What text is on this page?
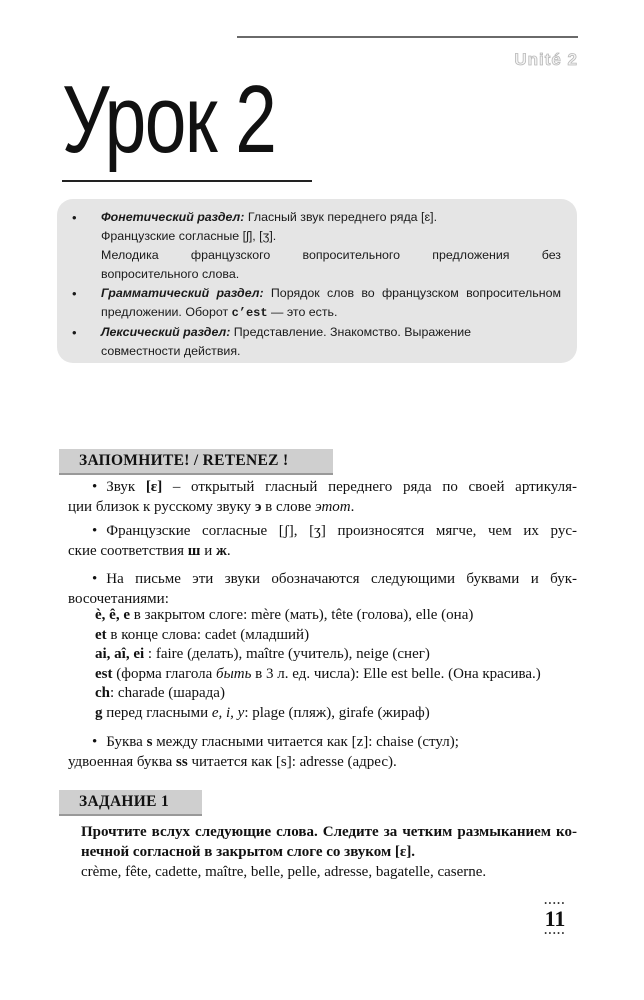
Unité 2
Урок 2
• Фонетический раздел: Гласный звук переднего ряда [ɛ].
Французские согласные [ʃ], [ʒ].
Мелодика французского вопросительного предложения без
вопросительного слова.
• Грамматический раздел: Порядок слов во французском вопросительном
предложении. Оборот c’est — это есть.
• Лексический раздел: Представление. Знакомство. Выражение
совместности действия.
ЗАПОМНИТЕ! / RETENEZ !
• Звук [ɛ] – открытый гласный переднего ряда по своей артикуля-
ции близок к русскому звуку э в слове этот.
• Французские согласные [ʃ], [ʒ] произносятся мягче, чем их рус-
ские соответствия ш и ж.
• На письме эти звуки обозначаются следующими буквами и бук-
восочетаниями:
è, ê, e в закрытом слоге: mère (мать), tête (голова), elle (она)
et в конце слова: cadet (младший)
ai, aî, ei : faire (делать), maître (учитель), neige (снег)
est (форма глагола быть в 3 л. ед. числа): Elle est belle. (Она красива.)
ch: charade (шарада)
g перед гласными e, i, y: plage (пляж), girafe (жираф)
• Буква s между гласными читается как [z]: chaise (стул);
удвоенная буква ss читается как [s]: adresse (адрес).
ЗАДАНИЕ 1
Прочтите вслух следующие слова. Следите за четким размыканием ко-
нечной согласной в закрытом слоге со звуком [ɛ].
crème, fête, cadette, maître, belle, pelle, adresse, bagatelle, caserne.
•••••
11
•••••
